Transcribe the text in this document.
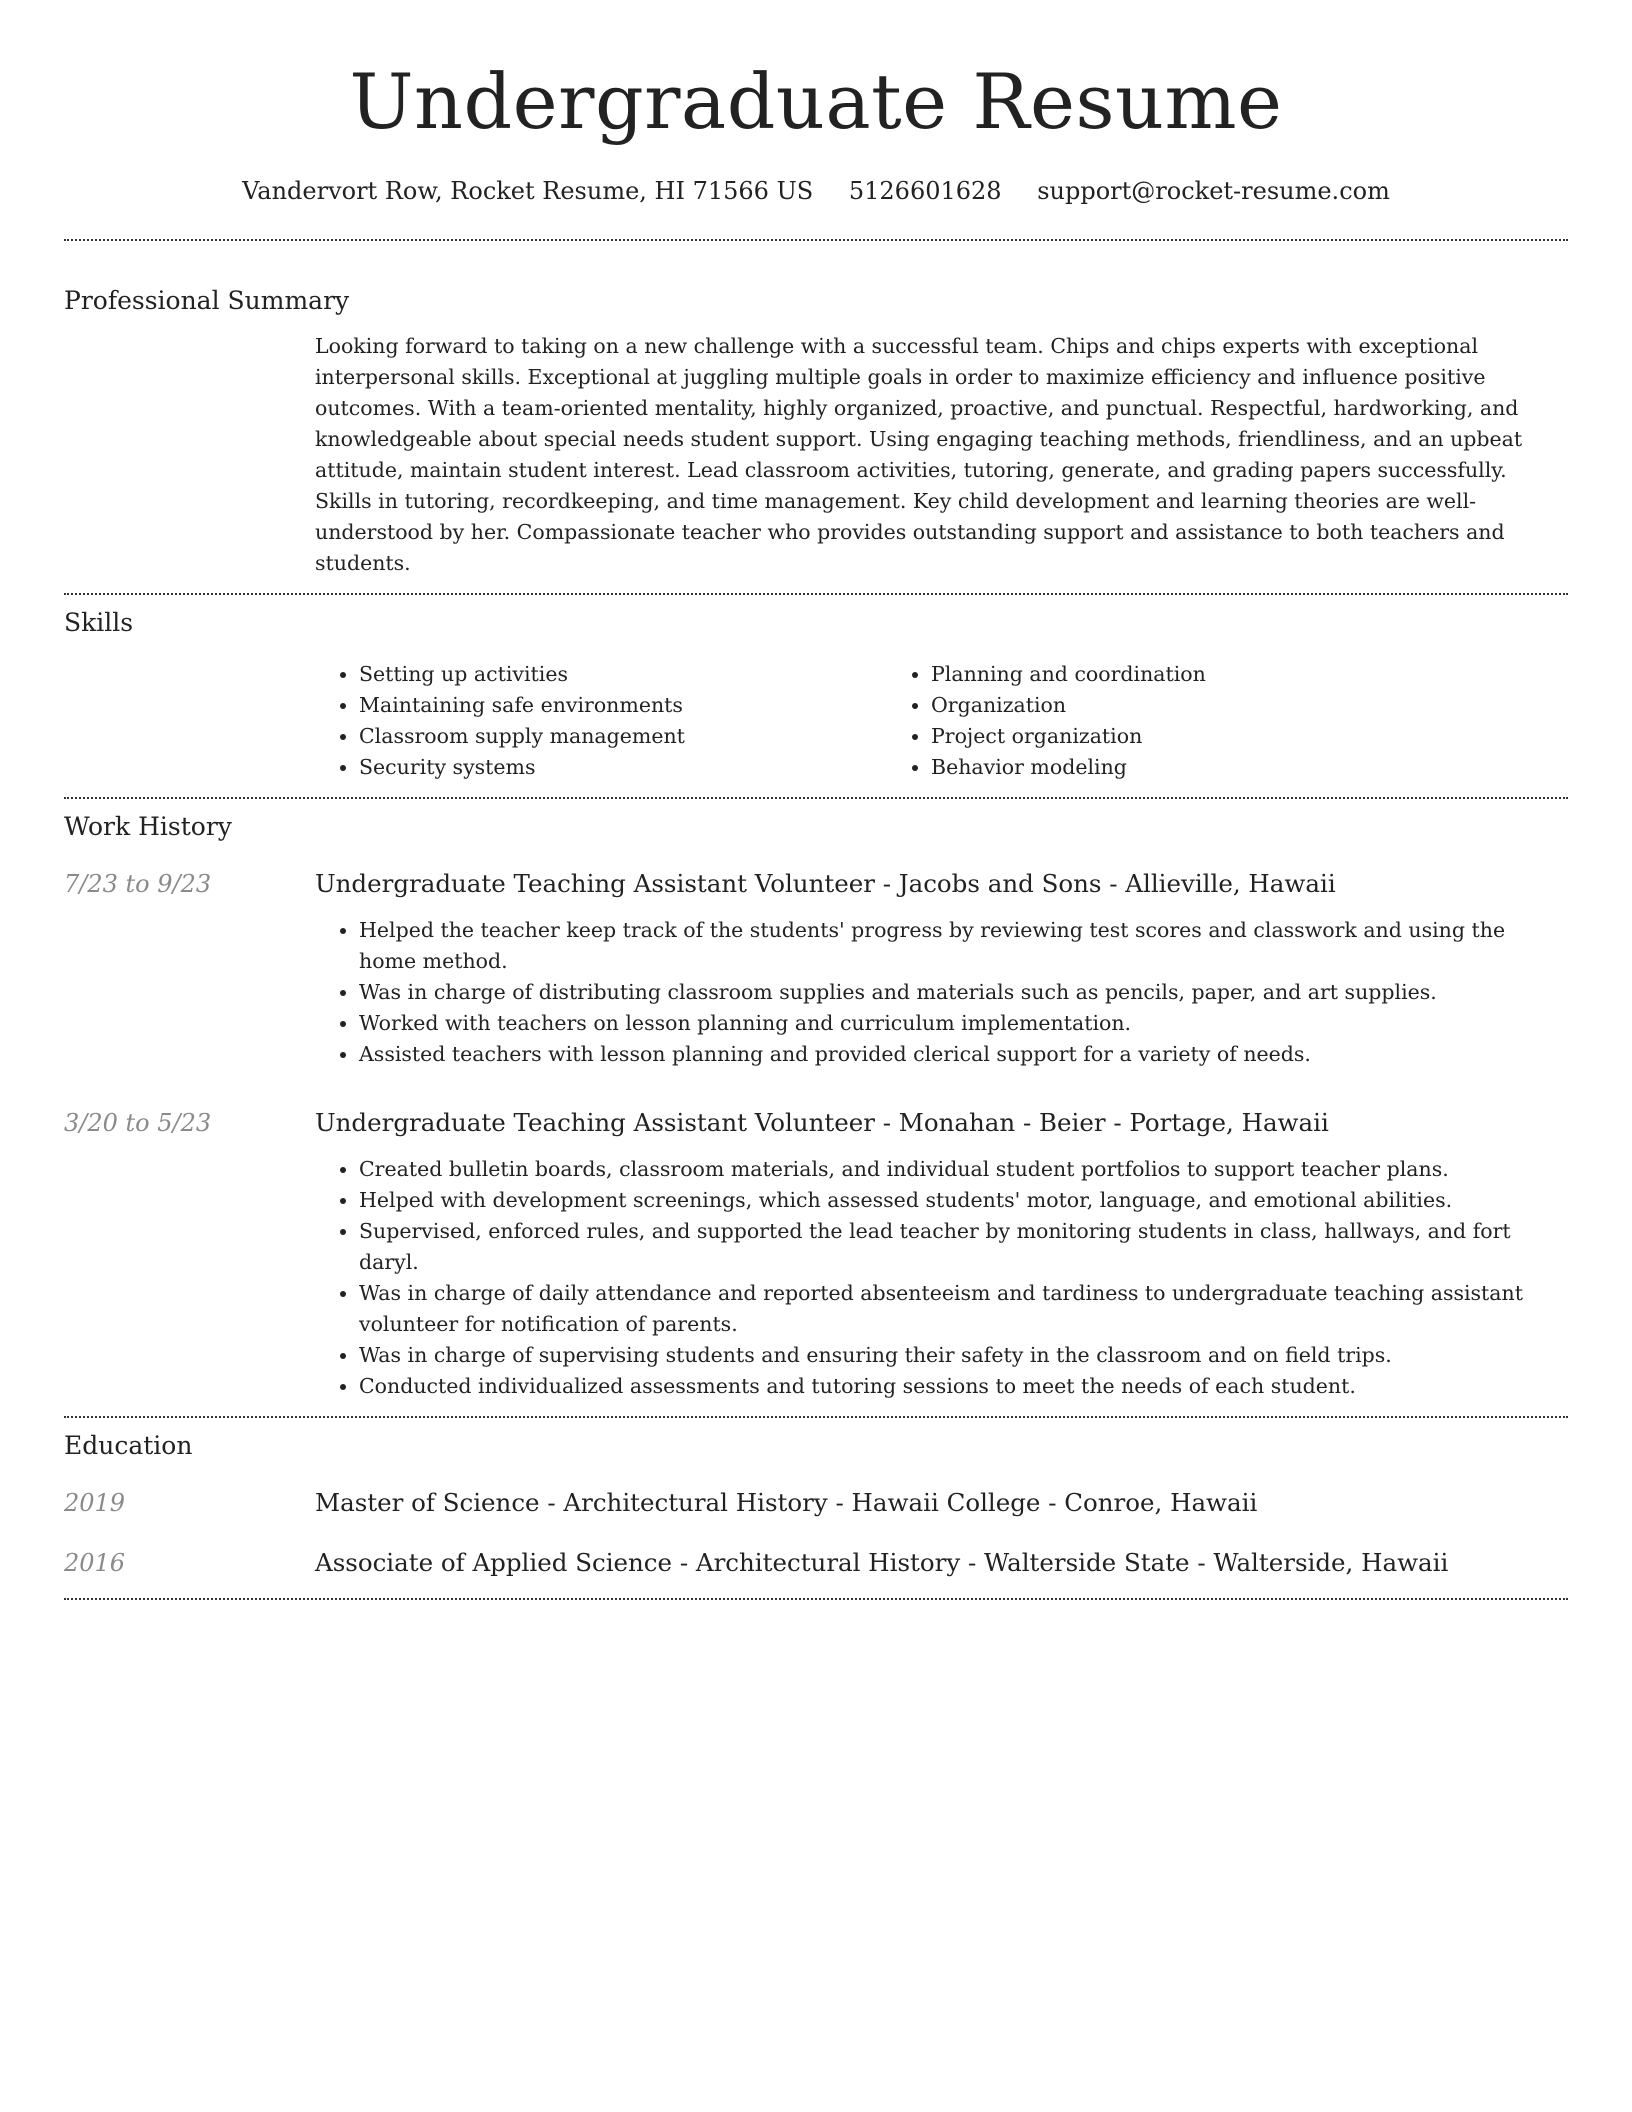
Undergraduate Resume
Vandervort Row, Rocket Resume, HI 71566 US 5126601628 support@rocket-resume.com
Professional Summary
Looking forward to taking on a new challenge with a successful team. Chips and chips experts with exceptional interpersonal skills. Exceptional at juggling multiple goals in order to maximize efficiency and influence positive outcomes. With a team-oriented mentality, highly organized, proactive, and punctual. Respectful, hardworking, and knowledgeable about special needs student support. Using engaging teaching methods, friendliness, and an upbeat attitude, maintain student interest. Lead classroom activities, tutoring, generate, and grading papers successfully. Skills in tutoring, recordkeeping, and time management. Key child development and learning theories are well-understood by her. Compassionate teacher who provides outstanding support and assistance to both teachers and students.
Skills
• Setting up activities
• Maintaining safe environments
• Classroom supply management
• Security systems
• Planning and coordination
• Organization
• Project organization
• Behavior modeling
Work History
7/23 to 9/23	Undergraduate Teaching Assistant Volunteer - Jacobs and Sons - Allieville, Hawaii
• Helped the teacher keep track of the students' progress by reviewing test scores and classwork and using the home method.
• Was in charge of distributing classroom supplies and materials such as pencils, paper, and art supplies.
• Worked with teachers on lesson planning and curriculum implementation.
• Assisted teachers with lesson planning and provided clerical support for a variety of needs.
3/20 to 5/23	Undergraduate Teaching Assistant Volunteer - Monahan - Beier - Portage, Hawaii
• Created bulletin boards, classroom materials, and individual student portfolios to support teacher plans.
• Helped with development screenings, which assessed students' motor, language, and emotional abilities.
• Supervised, enforced rules, and supported the lead teacher by monitoring students in class, hallways, and fort daryl.
• Was in charge of daily attendance and reported absenteeism and tardiness to undergraduate teaching assistant volunteer for notification of parents.
• Was in charge of supervising students and ensuring their safety in the classroom and on field trips.
• Conducted individualized assessments and tutoring sessions to meet the needs of each student.
Education
2019	Master of Science - Architectural History - Hawaii College - Conroe, Hawaii
2016	Associate of Applied Science - Architectural History - Walterside State - Walterside, Hawaii
